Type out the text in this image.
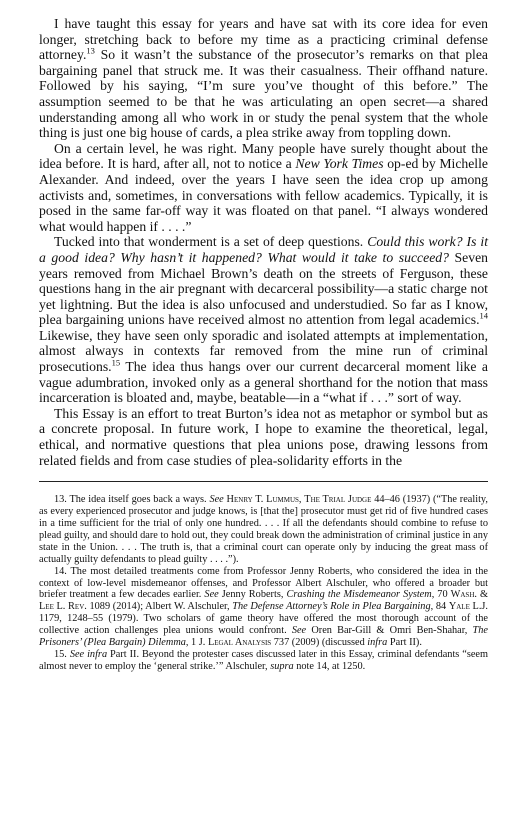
I have taught this essay for years and have sat with its core idea for even longer, stretching back to before my time as a practicing criminal defense attorney.$^{13}$ So it wasn’t the substance of the prosecutor’s remarks on that plea bargaining panel that struck me. It was their casualness. Their offhand nature. Followed by his saying, “I’m sure you’ve thought of this before.” The assumption seemed to be that he was articulating an open secret—a shared understanding among all who work in or study the penal system that the whole thing is just one big house of cards, a plea strike away from toppling down.

On a certain level, he was right. Many people have surely thought about the idea before. It is hard, after all, not to notice a New York Times op-ed by Michelle Alexander. And indeed, over the years I have seen the idea crop up among activists and, sometimes, in conversations with fellow academics. Typically, it is posed in the same far-off way it was floated on that panel. “I always wondered what would happen if . . . .”

Tucked into that wonderment is a set of deep questions. Could this work? Is it a good idea? Why hasn’t it happened? What would it take to succeed? Seven years removed from Michael Brown’s death on the streets of Ferguson, these questions hang in the air pregnant with decarceral possibility—a static charge not yet lightning. But the idea is also unfocused and understudied. So far as I know, plea bargaining unions have received almost no attention from legal academics.$^{14}$ Likewise, they have seen only sporadic and isolated attempts at implementation, almost always in contexts far removed from the mine run of criminal prosecutions.$^{15}$ The idea thus hangs over our current decarceral moment like a vague adumbration, invoked only as a general shorthand for the notion that mass incarceration is bloated and, maybe, beatable—in a “what if . . .” sort of way.

This Essay is an effort to treat Burton’s idea not as metaphor or symbol but as a concrete proposal. In future work, I hope to examine the theoretical, legal, ethical, and normative questions that plea unions pose, drawing lessons from related fields and from case studies of plea-solidarity efforts in the

13. The idea itself goes back a ways. See Henry T. Lummus, The Trial Judge 44–46 (1937) (“The reality, as every experienced prosecutor and judge knows, is [that the] prosecutor must get rid of five hundred cases in a time sufficient for the trial of only one hundred. . . . If all the defendants should combine to refuse to plead guilty, and should dare to hold out, they could break down the administration of criminal justice in any state in the Union. . . . The truth is, that a criminal court can operate only by inducing the great mass of actually guilty defendants to plead guilty . . . .”).

14. The most detailed treatments come from Professor Jenny Roberts, who considered the idea in the context of low-level misdemeanor offenses, and Professor Albert Alschuler, who offered a broader but briefer treatment a few decades earlier. See Jenny Roberts, Crashing the Misdemeanor System, 70 Wash. & Lee L. Rev. 1089 (2014); Albert W. Alschuler, The Defense Attorney’s Role in Plea Bargaining, 84 Yale L.J. 1179, 1248–55 (1979). Two scholars of game theory have offered the most thorough account of the collective action challenges plea unions would confront. See Oren Bar-Gill & Omri Ben-Shahar, The Prisoners’ (Plea Bargain) Dilemma, 1 J. Legal Analysis 737 (2009) (discussed infra Part II).

15. See infra Part II. Beyond the protester cases discussed later in this Essay, criminal defendants “seem almost never to employ the ‘general strike.’” Alschuler, supra note 14, at 1250.
